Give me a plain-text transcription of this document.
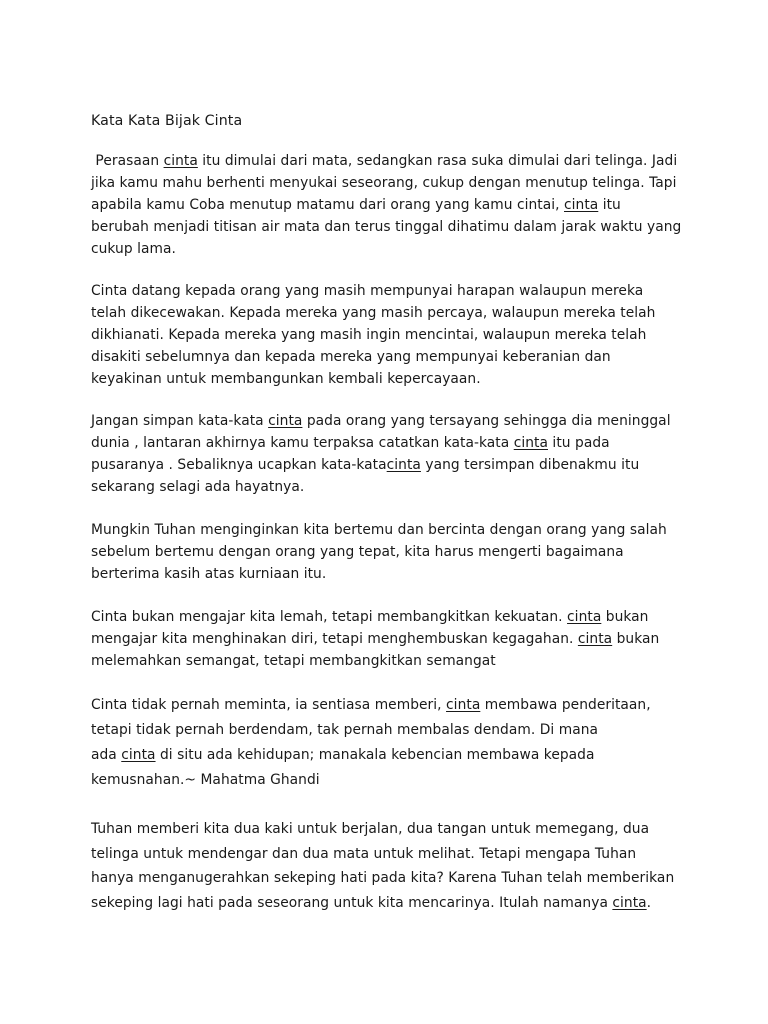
Kata Kata Bijak Cinta

Perasaan cinta itu dimulai dari mata, sedangkan rasa suka dimulai dari telinga. Jadi
jika kamu mahu berhenti menyukai seseorang, cukup dengan menutup telinga. Tapi
apabila kamu Coba menutup matamu dari orang yang kamu cintai, cinta itu
berubah menjadi titisan air mata dan terus tinggal dihatimu dalam jarak waktu yang
cukup lama.

Cinta datang kepada orang yang masih mempunyai harapan walaupun mereka
telah dikecewakan. Kepada mereka yang masih percaya, walaupun mereka telah
dikhianati. Kepada mereka yang masih ingin mencintai, walaupun mereka telah
disakiti sebelumnya dan kepada mereka yang mempunyai keberanian dan
keyakinan untuk membangunkan kembali kepercayaan.

Jangan simpan kata-kata cinta pada orang yang tersayang sehingga dia meninggal
dunia , lantaran akhirnya kamu terpaksa catatkan kata-kata cinta itu pada
pusaranya . Sebaliknya ucapkan kata-katacinta yang tersimpan dibenakmu itu
sekarang selagi ada hayatnya.

Mungkin Tuhan menginginkan kita bertemu dan bercinta dengan orang yang salah
sebelum bertemu dengan orang yang tepat, kita harus mengerti bagaimana
berterima kasih atas kurniaan itu.

Cinta bukan mengajar kita lemah, tetapi membangkitkan kekuatan. cinta bukan
mengajar kita menghinakan diri, tetapi menghembuskan kegagahan. cinta bukan
melemahkan semangat, tetapi membangkitkan semangat

Cinta tidak pernah meminta, ia sentiasa memberi, cinta membawa penderitaan,
tetapi tidak pernah berdendam, tak pernah membalas dendam. Di mana
ada cinta di situ ada kehidupan; manakala kebencian membawa kepada
kemusnahan.~ Mahatma Ghandi

Tuhan memberi kita dua kaki untuk berjalan, dua tangan untuk memegang, dua
telinga untuk mendengar dan dua mata untuk melihat. Tetapi mengapa Tuhan
hanya menganugerahkan sekeping hati pada kita? Karena Tuhan telah memberikan
sekeping lagi hati pada seseorang untuk kita mencarinya. Itulah namanya cinta.
